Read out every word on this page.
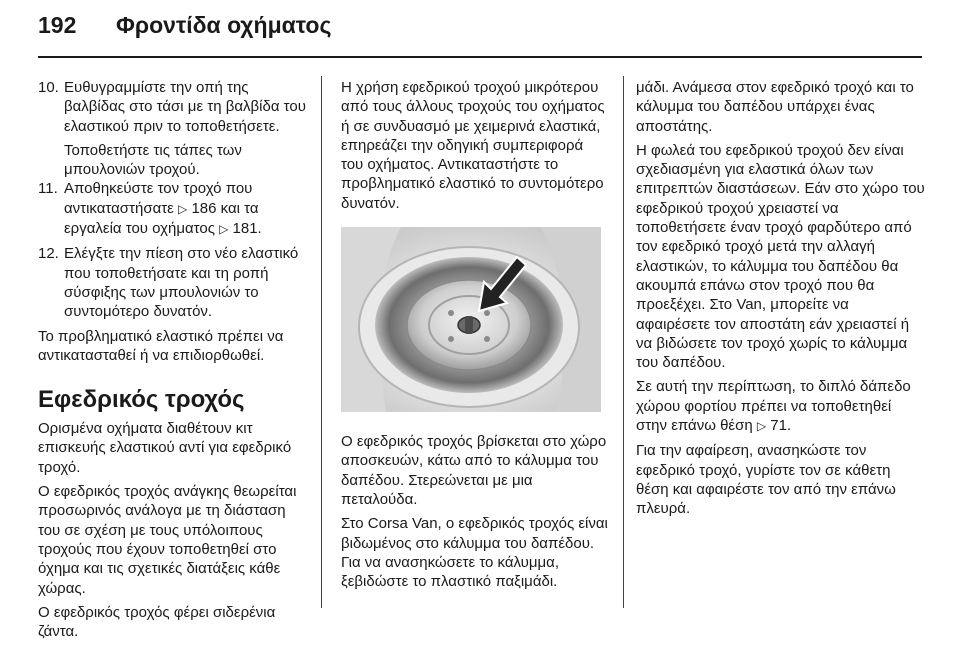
192 Φροντίδα οχήματος
10. Ευθυγραμμίστε την οπή της βαλβίδας στο τάσι με τη βαλβίδα του ελαστικού πριν το τοποθετήσετε.

Τοποθετήστε τις τάπες των μπουλονιών τροχού.

11. Αποθηκεύστε τον τροχό που αντικαταστήσατε ▷ 186 και τα εργαλεία του οχήματος ▷ 181.
12. Ελέγξτε την πίεση στο νέο ελαστικό που τοποθετήσατε και τη ροπή σύσφιξης των μπουλονιών το συντομότερο δυνατόν.

Το προβληματικό ελαστικό πρέπει να αντικατασταθεί ή να επιδιορθωθεί.

Εφεδρικός τροχός

Ορισμένα οχήματα διαθέτουν κιτ επισκευής ελαστικού αντί για εφεδρικό τροχό.

Ο εφεδρικός τροχός ανάγκης θεωρείται προσωρινός ανάλογα με τη διάσταση του σε σχέση με τους υπόλοιπους τροχούς που έχουν τοποθετηθεί στο όχημα και τις σχετικές διατάξεις κάθε χώρας.

Ο εφεδρικός τροχός φέρει σιδερένια ζάντα.

Η χρήση εφεδρικού τροχού μικρότερου από τους άλλους τροχούς του οχήματος ή σε συνδυασμό με χειμερινά ελαστικά, επηρεάζει την οδηγική συμπεριφορά του οχήματος. Αντικαταστήστε το προβληματικό ελαστικό το συντομότερο δυνατόν.

Ο εφεδρικός τροχός βρίσκεται στο χώρο αποσκευών, κάτω από το κάλυμμα του δαπέδου. Στερεώνεται με μια πεταλούδα.

Στο Corsa Van, ο εφεδρικός τροχός είναι βιδωμένος στο κάλυμμα του δαπέδου. Για να ανασηκώσετε το κάλυμμα, ξεβιδώστε το πλαστικό παξιμάδι.

μάδι. Ανάμεσα στον εφεδρικό τροχό και το κάλυμμα του δαπέδου υπάρχει ένας αποστάτης.

Η φωλεά του εφεδρικού τροχού δεν είναι σχεδιασμένη για ελαστικά όλων των επιτρεπτών διαστάσεων. Εάν στο χώρο του εφεδρικού τροχού χρειαστεί να τοποθετήσετε έναν τροχό φαρδύτερο από τον εφεδρικό τροχό μετά την αλλαγή ελαστικών, το κάλυμμα του δαπέδου θα ακουμπά επάνω στον τροχό που θα προεξέχει. Στο Van, μπορείτε να αφαιρέσετε τον αποστάτη εάν χρειαστεί ή να βιδώσετε τον τροχό χωρίς το κάλυμμα του δαπέδου.

Σε αυτή την περίπτωση, το διπλό δάπεδο χώρου φορτίου πρέπει να τοποθετηθεί στην επάνω θέση ▷ 71.

Για την αφαίρεση, ανασηκώστε τον εφεδρικό τροχό, γυρίστε τον σε κάθετη θέση και αφαιρέστε τον από την επάνω πλευρά.
